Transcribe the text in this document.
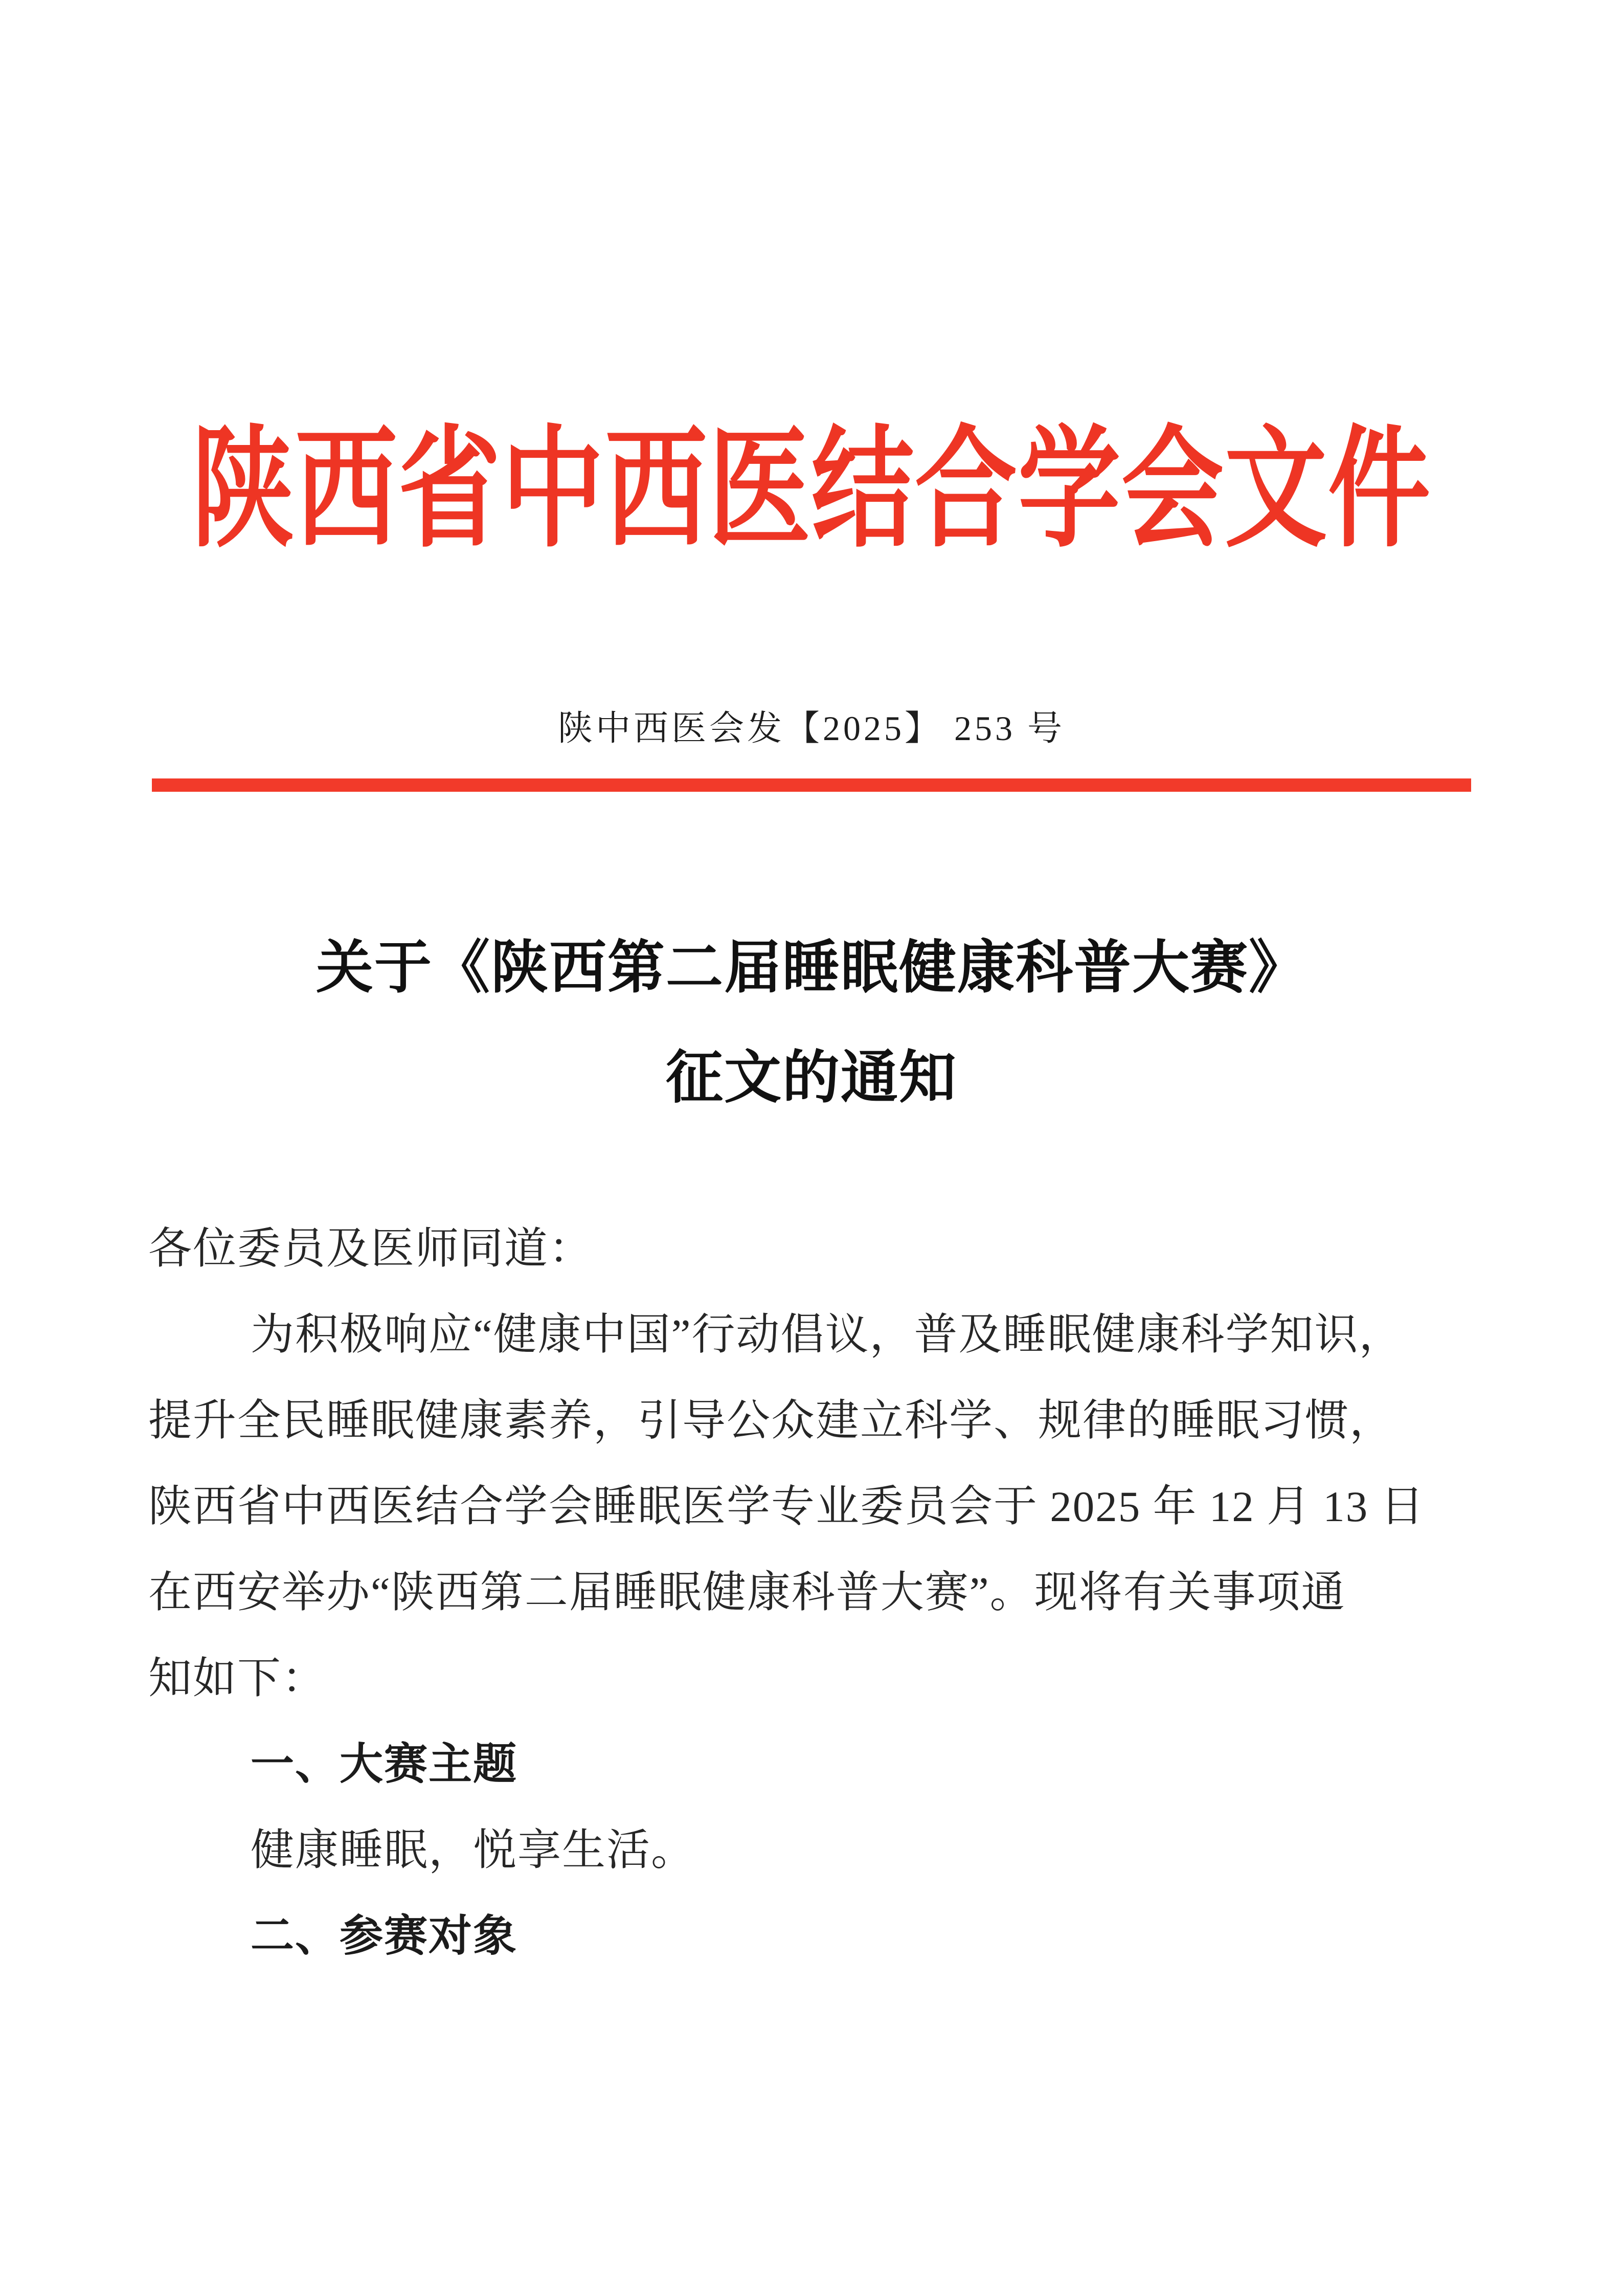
陕西省中西医结合学会文件
陕中西医会发【2025】 253 号
关于《陕西第二届睡眠健康科普大赛》
征文的通知
各位委员及医师同道：
为积极响应“健康中国”行动倡议，普及睡眠健康科学知识，
提升全民睡眠健康素养，引导公众建立科学、规律的睡眠习惯，
陕西省中西医结合学会睡眠医学专业委员会于 2025 年 12 月 13 日
在西安举办“陕西第二届睡眠健康科普大赛”。现将有关事项通
知如下：
一、大赛主题
健康睡眠，悦享生活。
二、参赛对象
